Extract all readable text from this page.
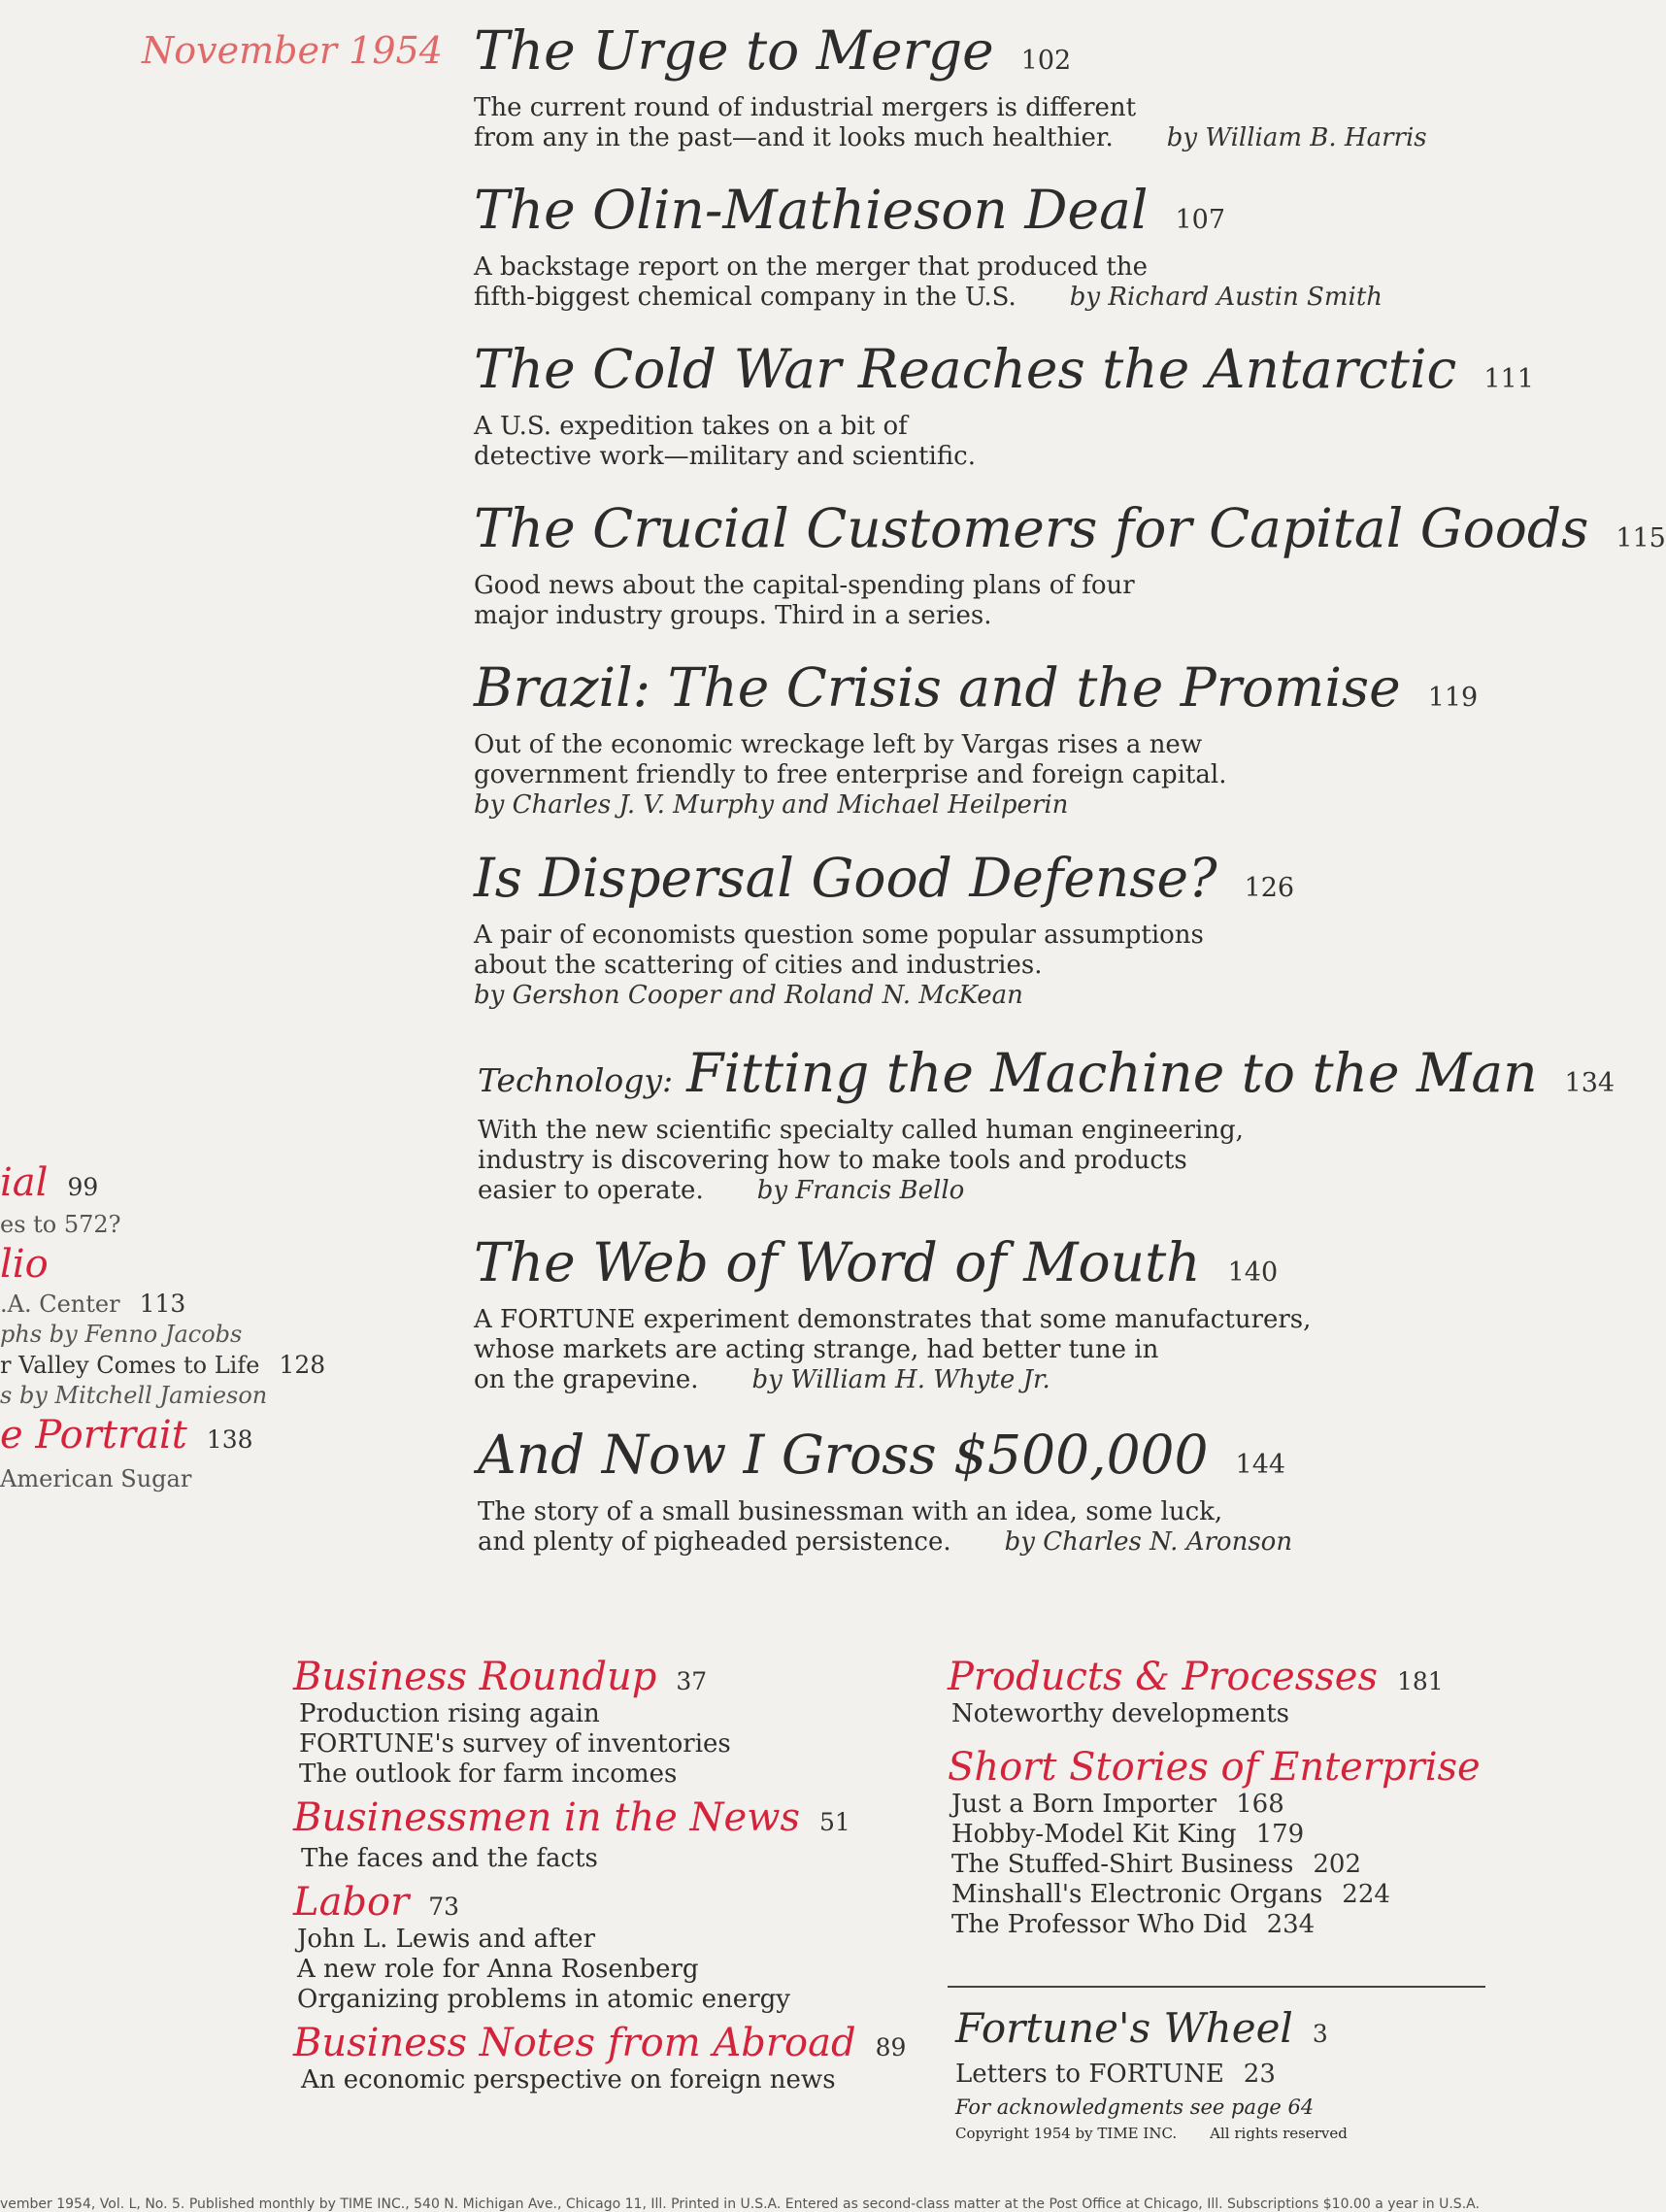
November 1954 The Urge to Merge 102
The current round of industrial mergers is different
from any in the past—and it looks much healthier. by William B. Harris
The Olin-Mathieson Deal 107
A backstage report on the merger that produced the
fifth-biggest chemical company in the U.S. by Richard Austin Smith
The Cold War Reaches the Antarctic 111
A U.S. expedition takes on a bit of
detective work—military and scientific.
The Crucial Customers for Capital Goods 115
Good news about the capital-spending plans of four
major industry groups. Third in a series.
Brazil: The Crisis and the Promise 119
Out of the economic wreckage left by Vargas rises a new
government friendly to free enterprise and foreign capital.
by Charles J. V. Murphy and Michael Heilperin
Is Dispersal Good Defense? 126
A pair of economists question some popular assumptions
about the scattering of cities and industries.
by Gershon Cooper and Roland N. McKean
Technology: Fitting the Machine to the Man 134
With the new scientific specialty called human engineering,
industry is discovering how to make tools and products
easier to operate. by Francis Bello
The Web of Word of Mouth 140
A FORTUNE experiment demonstrates that some manufacturers,
whose markets are acting strange, had better tune in
on the grapevine. by William H. Whyte Jr.
And Now I Gross $500,000 144
The story of a small businessman with an idea, some luck,
and plenty of pigheaded persistence. by Charles N. Aronson
ial 99
es to 572?
lio
.A. Center 113
phs by Fenno Jacobs
r Valley Comes to Life 128
s by Mitchell Jamieson
e Portrait 138
American Sugar
Business Roundup 37
Production rising again
FORTUNE's survey of inventories
The outlook for farm incomes
Businessmen in the News 51
The faces and the facts
Labor 73
John L. Lewis and after
A new role for Anna Rosenberg
Organizing problems in atomic energy
Business Notes from Abroad 89
An economic perspective on foreign news
Products & Processes 181
Noteworthy developments
Short Stories of Enterprise
Just a Born Importer 168
Hobby-Model Kit King 179
The Stuffed-Shirt Business 202
Minshall's Electronic Organs 224
The Professor Who Did 234
Fortune's Wheel 3
Letters to FORTUNE 23
For acknowledgments see page 64
Copyright 1954 by TIME INC. All rights reserved
vember 1954, Vol. L, No. 5. Published monthly by TIME INC., 540 N. Michigan Ave., Chicago 11, Ill. Printed in U.S.A. Entered as second-class matter at the Post Office at Chicago, Ill. Subscriptions $10.00 a year in U.S.A.
